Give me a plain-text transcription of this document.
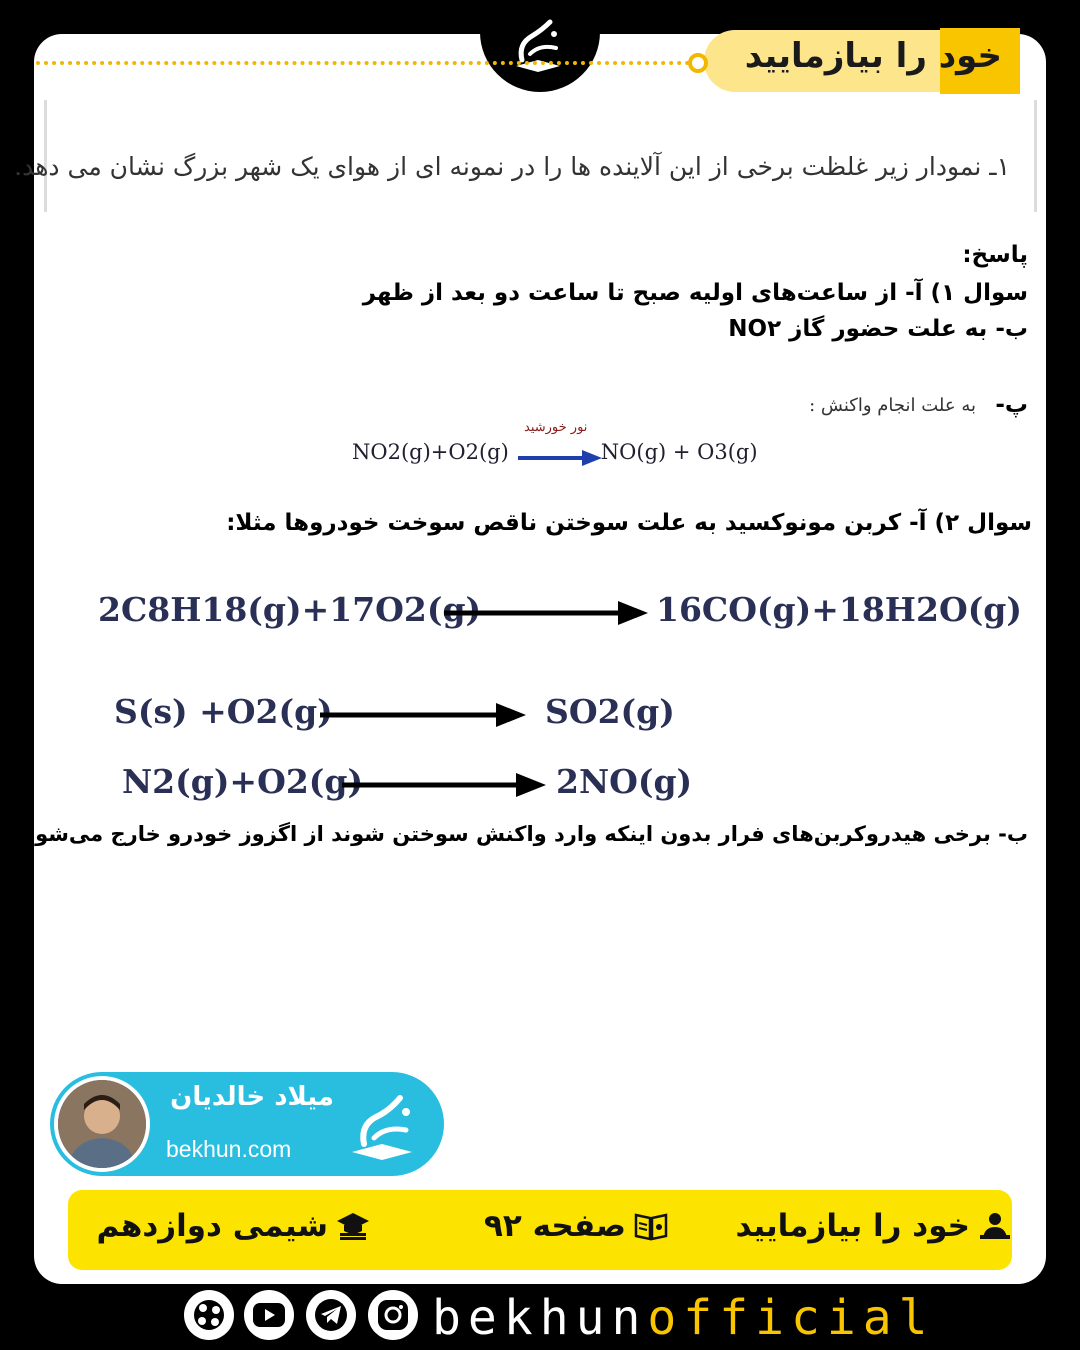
خود را بیازمایید
۱ـ نمودار زیر غلظت برخی از این آلاینده ها را در نمونه ای از هوای یک شهر بزرگ نشان می دهد.
پاسخ:
سوال ۱) آ- از ساعت‌های اولیه صبح تا ساعت دو بعد از ظهر
ب- به علت حضور گاز NO۲
پ-
به علت انجام واکنش :
نور خورشید
NO2(g)+O2(g)	NO(g) + O3(g)
سوال ۲) آ- کربن مونوکسید به علت سوختن ناقص سوخت خودروها مثلا:
2C8H18(g)+17O2(g)	16CO(g)+18H2O(g)
S(s) +O2(g)	SO2(g)
N2(g)+O2(g)	2NO(g)
ب- برخی هیدروکربن‌های فرار بدون اینکه وارد واکنش سوختن شوند از اگزوز خودرو خارج می‌شوند.
میلاد خالدیان
bekhun.com
خود را بیازمایید
صفحه ۹۲
شیمی دوازدهم
bekhunofficial
